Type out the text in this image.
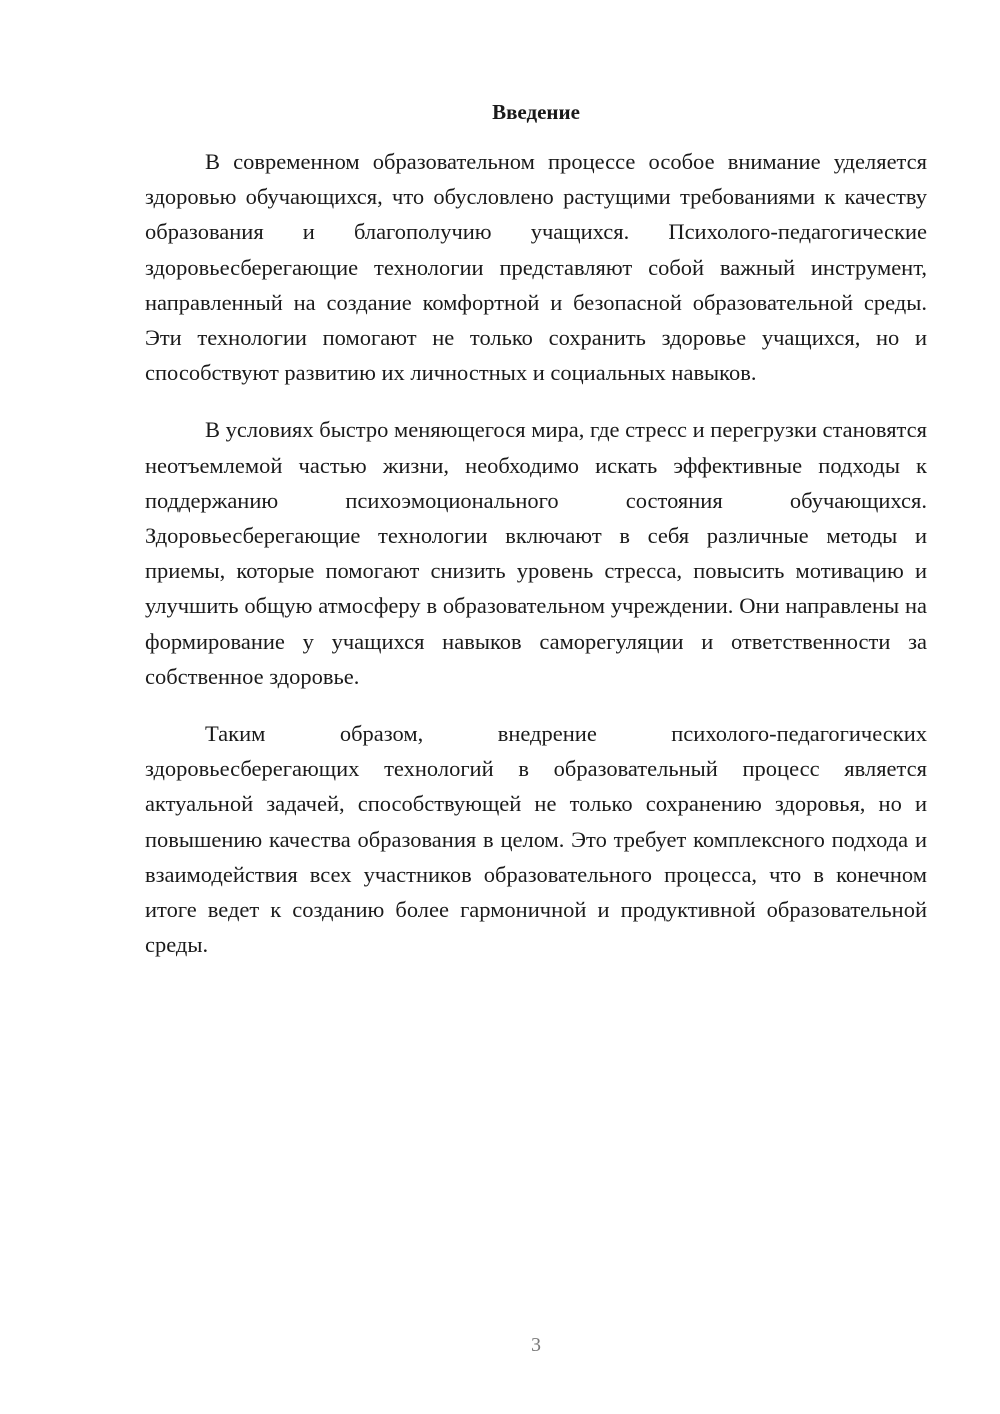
Введение

В современном образовательном процессе особое внимание уделяется здоровью обучающихся, что обусловлено растущими требованиями к качеству образования и благополучию учащихся. Психолого-педагогические здоровьесберегающие технологии представляют собой важный инструмент, направленный на создание комфортной и безопасной образовательной среды. Эти технологии помогают не только сохранить здоровье учащихся, но и способствуют развитию их личностных и социальных навыков.

В условиях быстро меняющегося мира, где стресс и перегрузки становятся неотъемлемой частью жизни, необходимо искать эффективные подходы к поддержанию психоэмоционального состояния обучающихся. Здоровьесберегающие технологии включают в себя различные методы и приемы, которые помогают снизить уровень стресса, повысить мотивацию и улучшить общую атмосферу в образовательном учреждении. Они направлены на формирование у учащихся навыков саморегуляции и ответственности за собственное здоровье.

Таким образом, внедрение психолого-педагогических здоровьесберегающих технологий в образовательный процесс является актуальной задачей, способствующей не только сохранению здоровья, но и повышению качества образования в целом. Это требует комплексного подхода и взаимодействия всех участников образовательного процесса, что в конечном итоге ведет к созданию более гармоничной и продуктивной образовательной среды.

3
